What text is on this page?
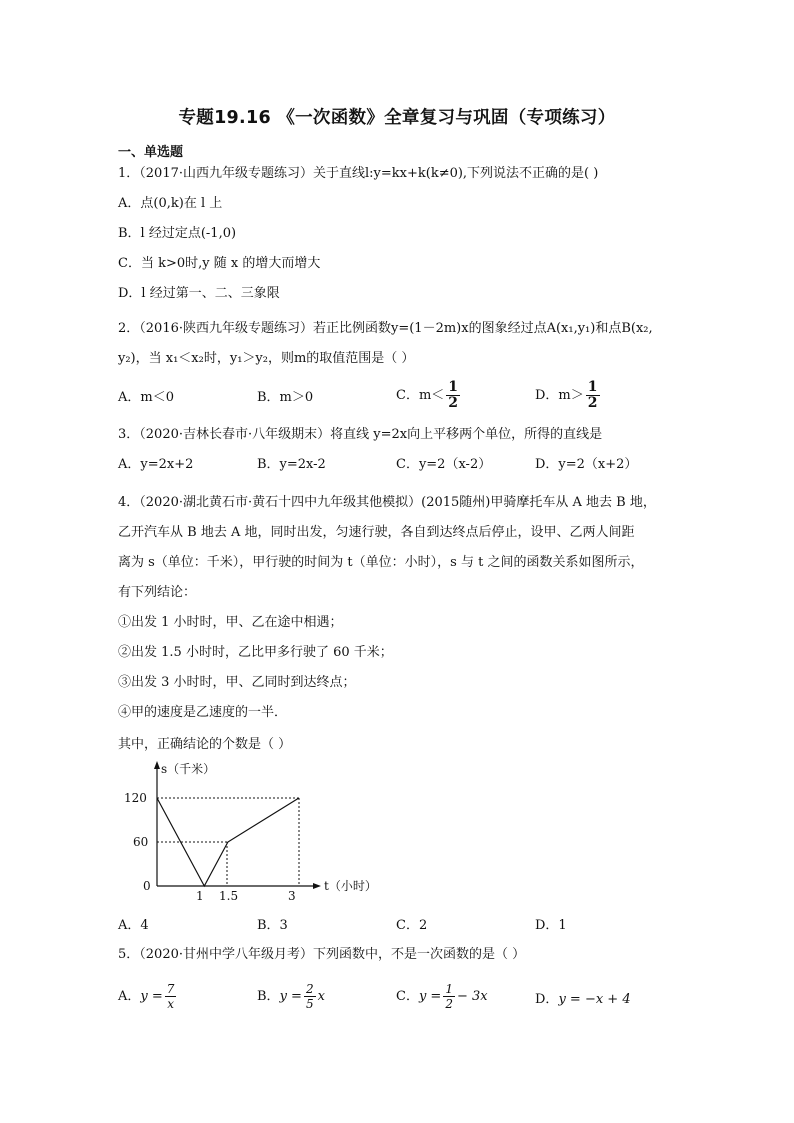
专题19.16 《一次函数》全章复习与巩固（专项练习）
一、单选题
1．（2017·山西九年级专题练习）关于直线l:y=kx+k(k≠0),下列说法不正确的是( )
A．点(0,k)在 l 上
B．l 经过定点(-1,0)
C．当 k>0时,y 随 x 的增大而增大
D．l 经过第一、二、三象限
2．（2016·陕西九年级专题练习）若正比例函数y=(1－2m)x的图象经过点A(x₁,y₁)和点B(x₂,
y₂)，当 x₁＜x₂时，y₁＞y₂，则m的取值范围是（ ）
A．m＜0	B．m＞0	C．$m< \frac{1}{2}$	D．$m> \frac{1}{2}$
3．（2020·吉林长春市·八年级期末）将直线 y=2x向上平移两个单位，所得的直线是
A．y=2x+2	B．y=2x-2	C．y=2（x-2）	D．y=2（x+2）
4．（2020·湖北黄石市·黄石十四中九年级其他模拟）(2015随州)甲骑摩托车从 A 地去 B 地，
乙开汽车从 B 地去 A 地，同时出发，匀速行驶，各自到达终点后停止，设甲、乙两人间距
离为 s（单位：千米），甲行驶的时间为 t（单位：小时），s 与 t 之间的函数关系如图所示，
有下列结论：
①出发 1 小时时，甲、乙在途中相遇；
②出发 1.5 小时时，乙比甲多行驶了 60 千米；
③出发 3 小时时，甲、乙同时到达终点；
④甲的速度是乙速度的一半．
其中，正确结论的个数是（ ）
s（千米）
120
60
0
1 1.5	3
t（小时）
A．4	B．3	C．2	D．1
5．（2020·甘州中学八年级月考）下列函数中，不是一次函数的是（ ）
A．$y = \frac{7}{x}$	B．$y = \frac{2}{5}$ x	C．$y = \frac{1}{2} - 3x$	D．y = −x + 4
